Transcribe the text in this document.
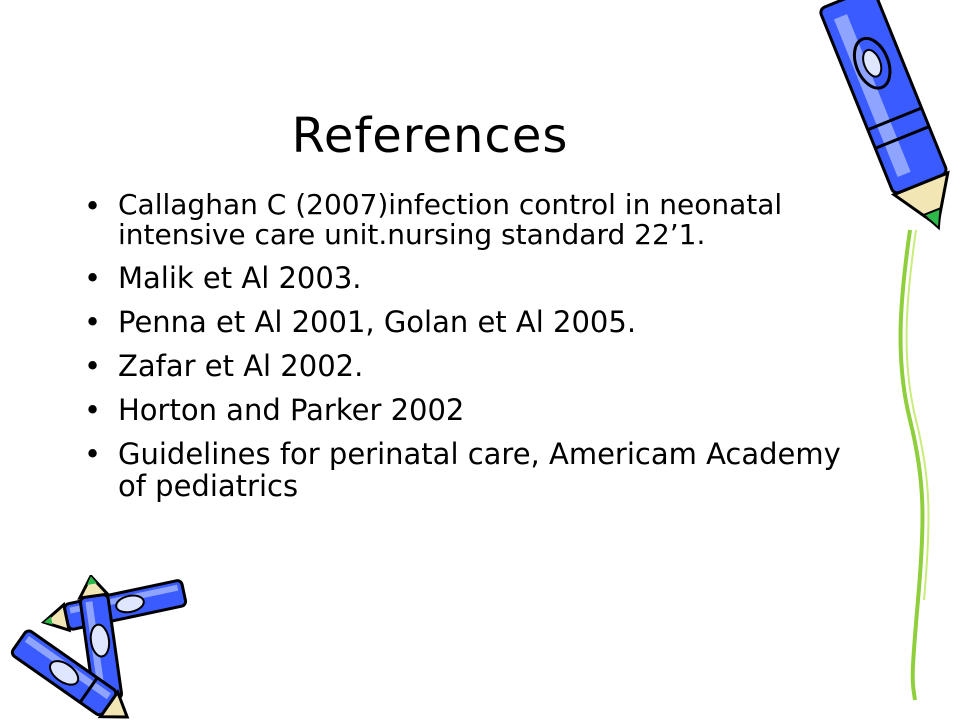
References
• Callaghan C (2007)infection control in neonatal intensive care unit.nursing standard 22’1.
• Malik et Al 2003.
• Penna et Al 2001, Golan et Al 2005.
• Zafar et Al 2002.
• Horton and Parker 2002
• Guidelines for perinatal care, Americam Academy of pediatrics
